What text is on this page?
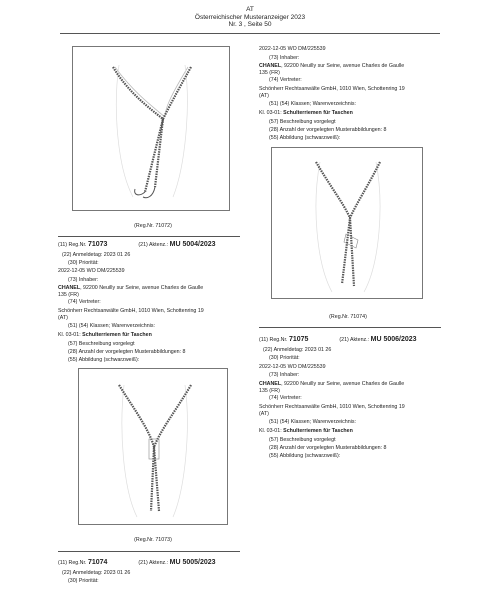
AT
Österreichischer Musteranzeiger 2023
Nr. 3 , Seite 50
(Reg.Nr. 71072)
(11) Reg.Nr. 71073	(21) Aktenz.: MU 5004/2023
(22) Anmeldetag: 2023 01 26
(30) Priorität:
2022-12-05 WO DM/225539
(73) Inhaber:
CHANEL, 92200 Neuilly sur Seine, avenue Charles de Gaulle
135 (FR)
(74) Vertreter:
Schönherr Rechtsanwälte GmbH, 1010 Wien, Schottenring 19
(AT)
(51) (54) Klassen; Warenverzeichnis:
Kl. 03-01: Schulterriemen für Taschen
(57) Beschreibung vorgelegt
(28) Anzahl der vorgelegten Musterabbildungen: 8
(55) Abbildung (schwarzweiß):
(Reg.Nr. 71073)
(11) Reg.Nr. 71074	(21) Aktenz.: MU 5005/2023
(22) Anmeldetag: 2023 01 26
(30) Priorität:
2022-12-05 WO DM/225539
(73) Inhaber:
CHANEL, 92200 Neuilly sur Seine, avenue Charles de Gaulle
135 (FR)
(74) Vertreter:
Schönherr Rechtsanwälte GmbH, 1010 Wien, Schottenring 19
(AT)
(51) (54) Klassen; Warenverzeichnis:
Kl. 03-01: Schulterriemen für Taschen
(57) Beschreibung vorgelegt
(28) Anzahl der vorgelegten Musterabbildungen: 8
(55) Abbildung (schwarzweiß):
(Reg.Nr. 71074)
(11) Reg.Nr. 71075	(21) Aktenz.: MU 5006/2023
(22) Anmeldetag: 2023 01 26
(30) Priorität:
2022-12-05 WO DM/225539
(73) Inhaber:
CHANEL, 92200 Neuilly sur Seine, avenue Charles de Gaulle
135 (FR)
(74) Vertreter:
Schönherr Rechtsanwälte GmbH, 1010 Wien, Schottenring 19
(AT)
(51) (54) Klassen; Warenverzeichnis:
Kl. 03-01: Schulterriemen für Taschen
(57) Beschreibung vorgelegt
(28) Anzahl der vorgelegten Musterabbildungen: 8
(55) Abbildung (schwarzweiß):
